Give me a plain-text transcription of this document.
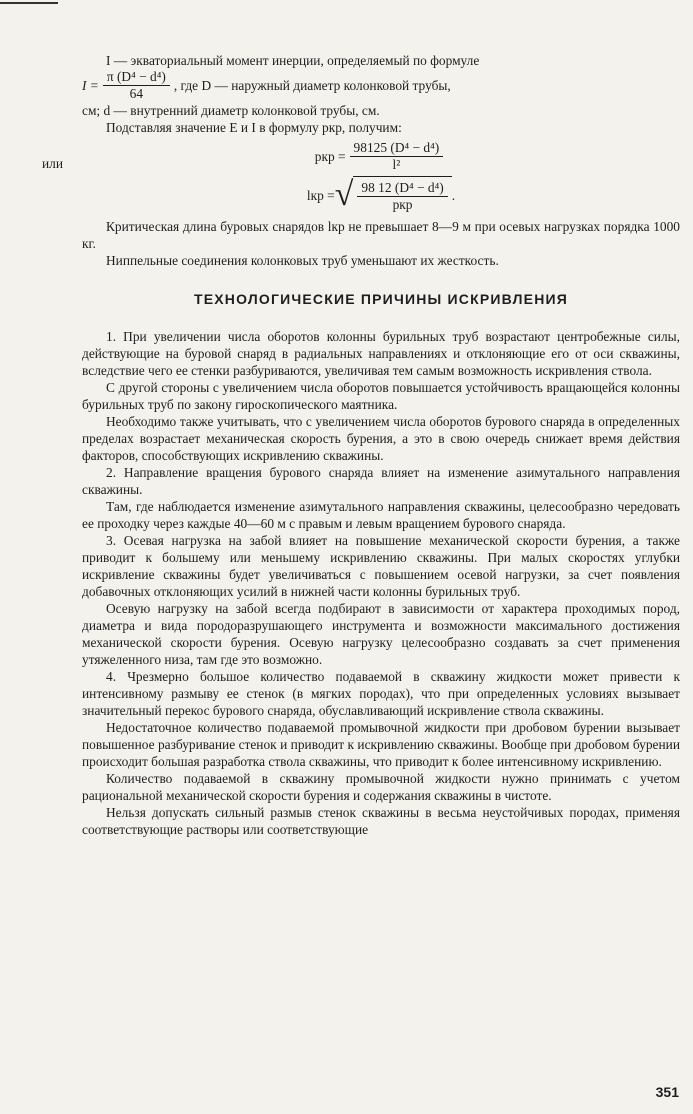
I — экваториальный момент инерции, определяемый по формуле

$I = \frac{\text{π (D⁴ − d⁴)}}{64}$ , где D — наружный диаметр колонковой трубы,

см; d — внутренний диаметр колонковой трубы, см.

Подставляя значение E и I в формулу pкр, получим:

pкр = $\frac{\text{98125 (D⁴ − d⁴)}}{\text{l²}}$
или
lкр = √ $\frac{\text{98 12 (D⁴ − d⁴)}}{\text{pкр}}$ .

Критическая длина буровых снарядов lкр не превышает 8—9 м при осевых нагрузках порядка 1000 кг.

Ниппельные соединения колонковых труб уменьшают их жесткость.

ТЕХНОЛОГИЧЕСКИЕ ПРИЧИНЫ ИСКРИВЛЕНИЯ

1. При увеличении числа оборотов колонны бурильных труб возрастают центробежные силы, действующие на буровой снаряд в радиальных направлениях и отклоняющие его от оси скважины, вследствие чего ее стенки разбуриваются, увеличивая тем самым возможность искривления ствола.

С другой стороны с увеличением числа оборотов повышается устойчивость вращающейся колонны бурильных труб по закону гироскопического маятника.

Необходимо также учитывать, что с увеличением числа оборотов бурового снаряда в определенных пределах возрастает механическая скорость бурения, а это в свою очередь снижает время действия факторов, способствующих искривлению скважины.

2. Направление вращения бурового снаряда влияет на изменение азимутального направления скважины.

Там, где наблюдается изменение азимутального направления скважины, целесообразно чередовать ее проходку через каждые 40—60 м с правым и левым вращением бурового снаряда.

3. Осевая нагрузка на забой влияет на повышение механической скорости бурения, а также приводит к большему или меньшему искривлению скважины. При малых скоростях углубки искривление скважины будет увеличиваться с повышением осевой нагрузки, за счет появления добавочных отклоняющих усилий в нижней части колонны бурильных труб.

Осевую нагрузку на забой всегда подбирают в зависимости от характера проходимых пород, диаметра и вида породоразрушающего инструмента и возможности максимального достижения механической скорости бурения. Осевую нагрузку целесообразно создавать за счет применения утяжеленного низа, там где это возможно.

4. Чрезмерно большое количество подаваемой в скважину жидкости может привести к интенсивному размыву ее стенок (в мягких породах), что при определенных условиях вызывает значительный перекос бурового снаряда, обуславливающий искривление ствола скважины.

Недостаточное количество подаваемой промывочной жидкости при дробовом бурении вызывает повышенное разбуривание стенок и приводит к искривлению скважины. Вообще при дробовом бурении происходит большая разработка ствола скважины, что приводит к более интенсивному искривлению.

Количество подаваемой в скважину промывочной жидкости нужно принимать с учетом рациональной механической скорости бурения и содержания скважины в чистоте.

Нельзя допускать сильный размыв стенок скважины в весьма неустойчивых породах, применяя соответствующие растворы или соответствующие

351
